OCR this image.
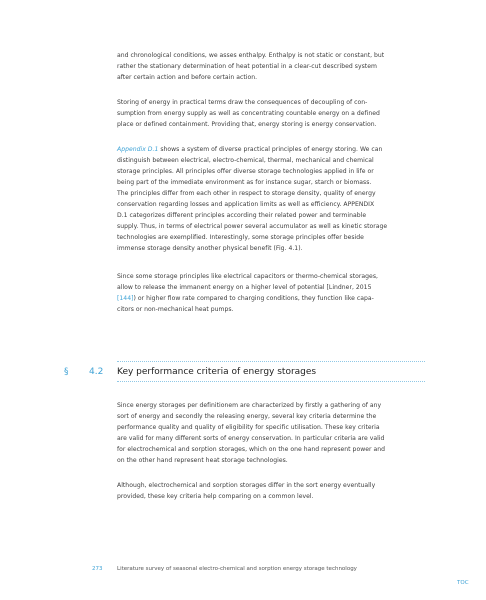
and chronological conditions, we asses enthalpy. Enthalpy is not static or constant, but
rather the stationary determination of heat potential in a clear-cut described system
after certain action and before certain action.

Storing of energy in practical terms draw the consequences of decoupling of con-
sumption from energy supply as well as concentrating countable energy on a defined
place or defined containment. Providing that, energy storing is energy conservation.

Appendix D.1 shows a system of diverse practical principles of energy storing. We can
distinguish between electrical, electro-chemical, thermal, mechanical and chemical
storage principles. All principles offer diverse storage technologies applied in life or
being part of the immediate environment as for instance sugar, starch or biomass.
The principles differ from each other in respect to storage density, quality of energy
conservation regarding losses and application limits as well as efficiency. APPENDIX
D.1 categorizes different principles according their related power and terminable
supply. Thus, in terms of electrical power several accumulator as well as kinetic storage
technologies are exemplified. Interestingly, some storage principles offer beside
immense storage density another physical benefit (Fig. 4.1).

Since some storage principles like electrical capacitors or thermo-chemical storages,
allow to release the immanent energy on a higher level of potential [Lindner, 2015
[144]) or higher flow rate compared to charging conditions, they function like capa-
citors or non-mechanical heat pumps.

§ 4.2 Key performance criteria of energy storages

Since energy storages per definitionem are characterized by firstly a gathering of any
sort of energy and secondly the releasing energy, several key criteria determine the
performance quality and quality of eligibility for specific utilisation. These key criteria
are valid for many different sorts of energy conservation. In particular criteria are valid
for electrochemical and sorption storages, which on the one hand represent power and
on the other hand represent heat storage technologies.

Although, electrochemical and sorption storages differ in the sort energy eventually
provided, these key criteria help comparing on a common level.

273	Literature survey of seasonal electro-chemical and sorption energy storage technology
TOC
